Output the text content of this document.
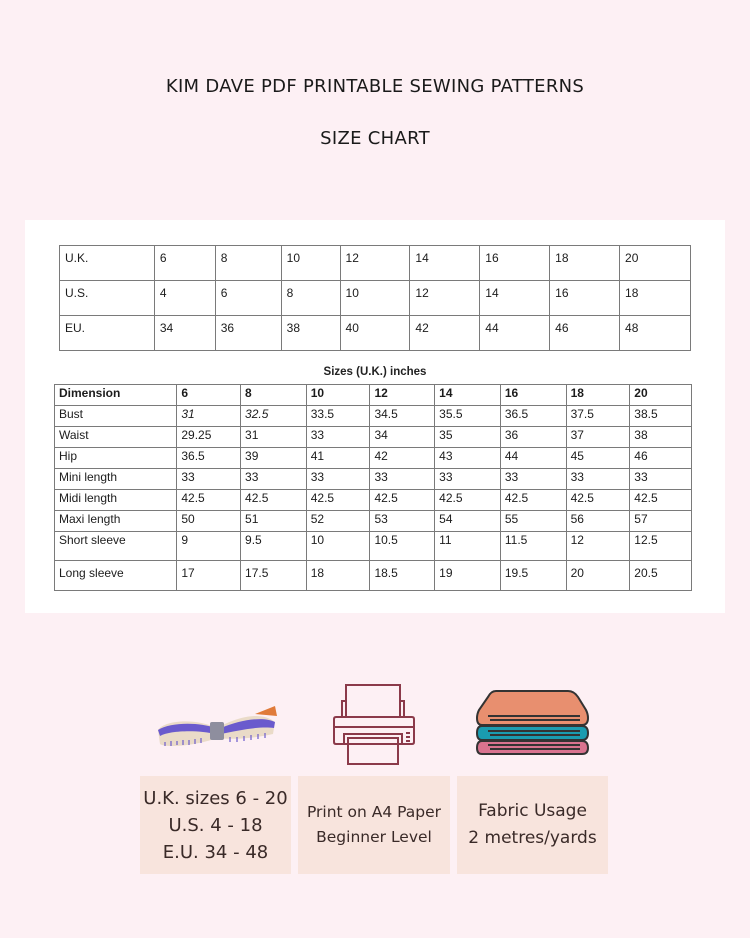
KIM DAVE PDF PRINTABLE SEWING PATTERNS
SIZE CHART
U.K.	6	8	10	12	14	16	18	20
U.S.	4	6	8	10	12	14	16	18
EU.	34	36	38	40	42	44	46	48
Sizes (U.K.) inches
Dimension	6	8	10	12	14	16	18	20
Bust	31	32.5	33.5	34.5	35.5	36.5	37.5	38.5
Waist	29.25	31	33	34	35	36	37	38
Hip	36.5	39	41	42	43	44	45	46
Mini length	33	33	33	33	33	33	33	33
Midi length	42.5	42.5	42.5	42.5	42.5	42.5	42.5	42.5
Maxi length	50	51	52	53	54	55	56	57
Short sleeve	9	9.5	10	10.5	11	11.5	12	12.5
Long sleeve	17	17.5	18	18.5	19	19.5	20	20.5
U.K. sizes 6 - 20
U.S. 4 - 18
E.U. 34 - 48
Print on A4 Paper
Beginner Level
Fabric Usage
2 metres/yards
